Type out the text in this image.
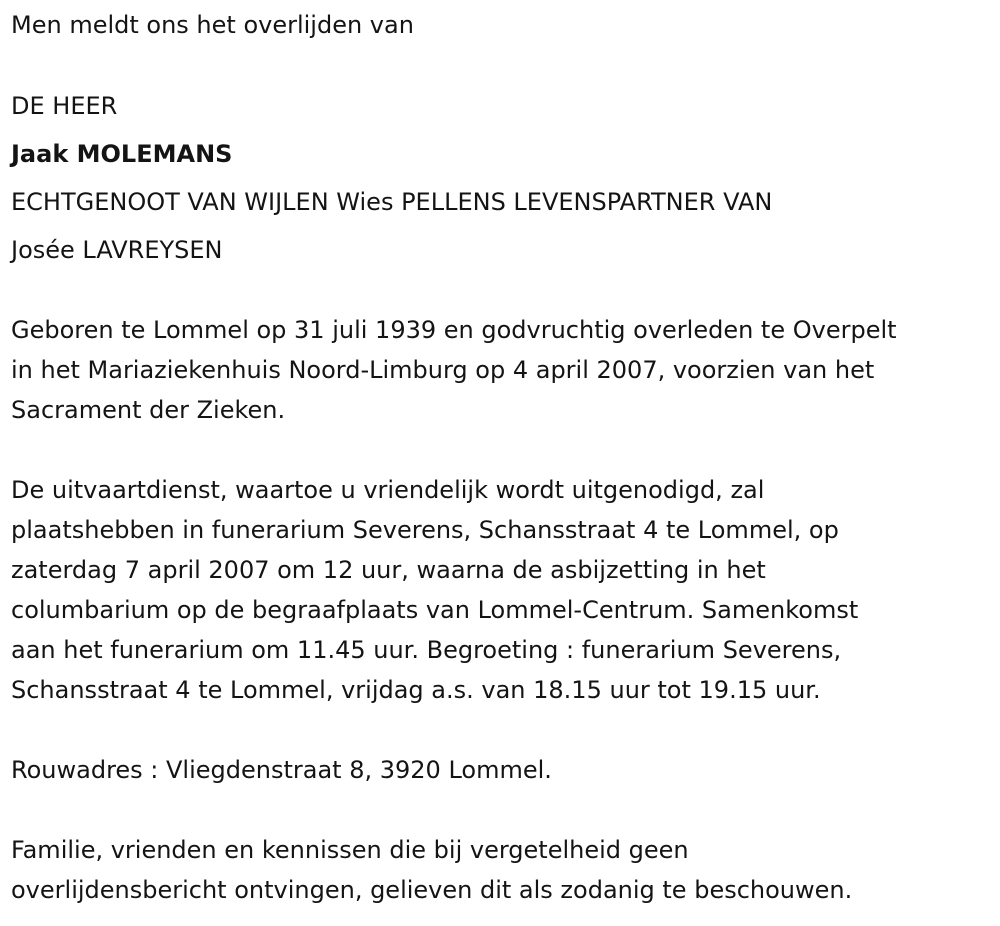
Men meldt ons het overlijden van
DE HEER
Jaak MOLEMANS
ECHTGENOOT VAN WIJLEN Wies PELLENS LEVENSPARTNER VAN
Josée LAVREYSEN
Geboren te Lommel op 31 juli 1939 en godvruchtig overleden te Overpelt
in het Mariaziekenhuis Noord-Limburg op 4 april 2007, voorzien van het
Sacrament der Zieken.
De uitvaartdienst, waartoe u vriendelijk wordt uitgenodigd, zal
plaatshebben in funerarium Severens, Schansstraat 4 te Lommel, op
zaterdag 7 april 2007 om 12 uur, waarna de asbijzetting in het
columbarium op de begraafplaats van Lommel-Centrum. Samenkomst
aan het funerarium om 11.45 uur. Begroeting : funerarium Severens,
Schansstraat 4 te Lommel, vrijdag a.s. van 18.15 uur tot 19.15 uur.
Rouwadres : Vliegdenstraat 8, 3920 Lommel.
Familie, vrienden en kennissen die bij vergetelheid geen
overlijdensbericht ontvingen, gelieven dit als zodanig te beschouwen.
